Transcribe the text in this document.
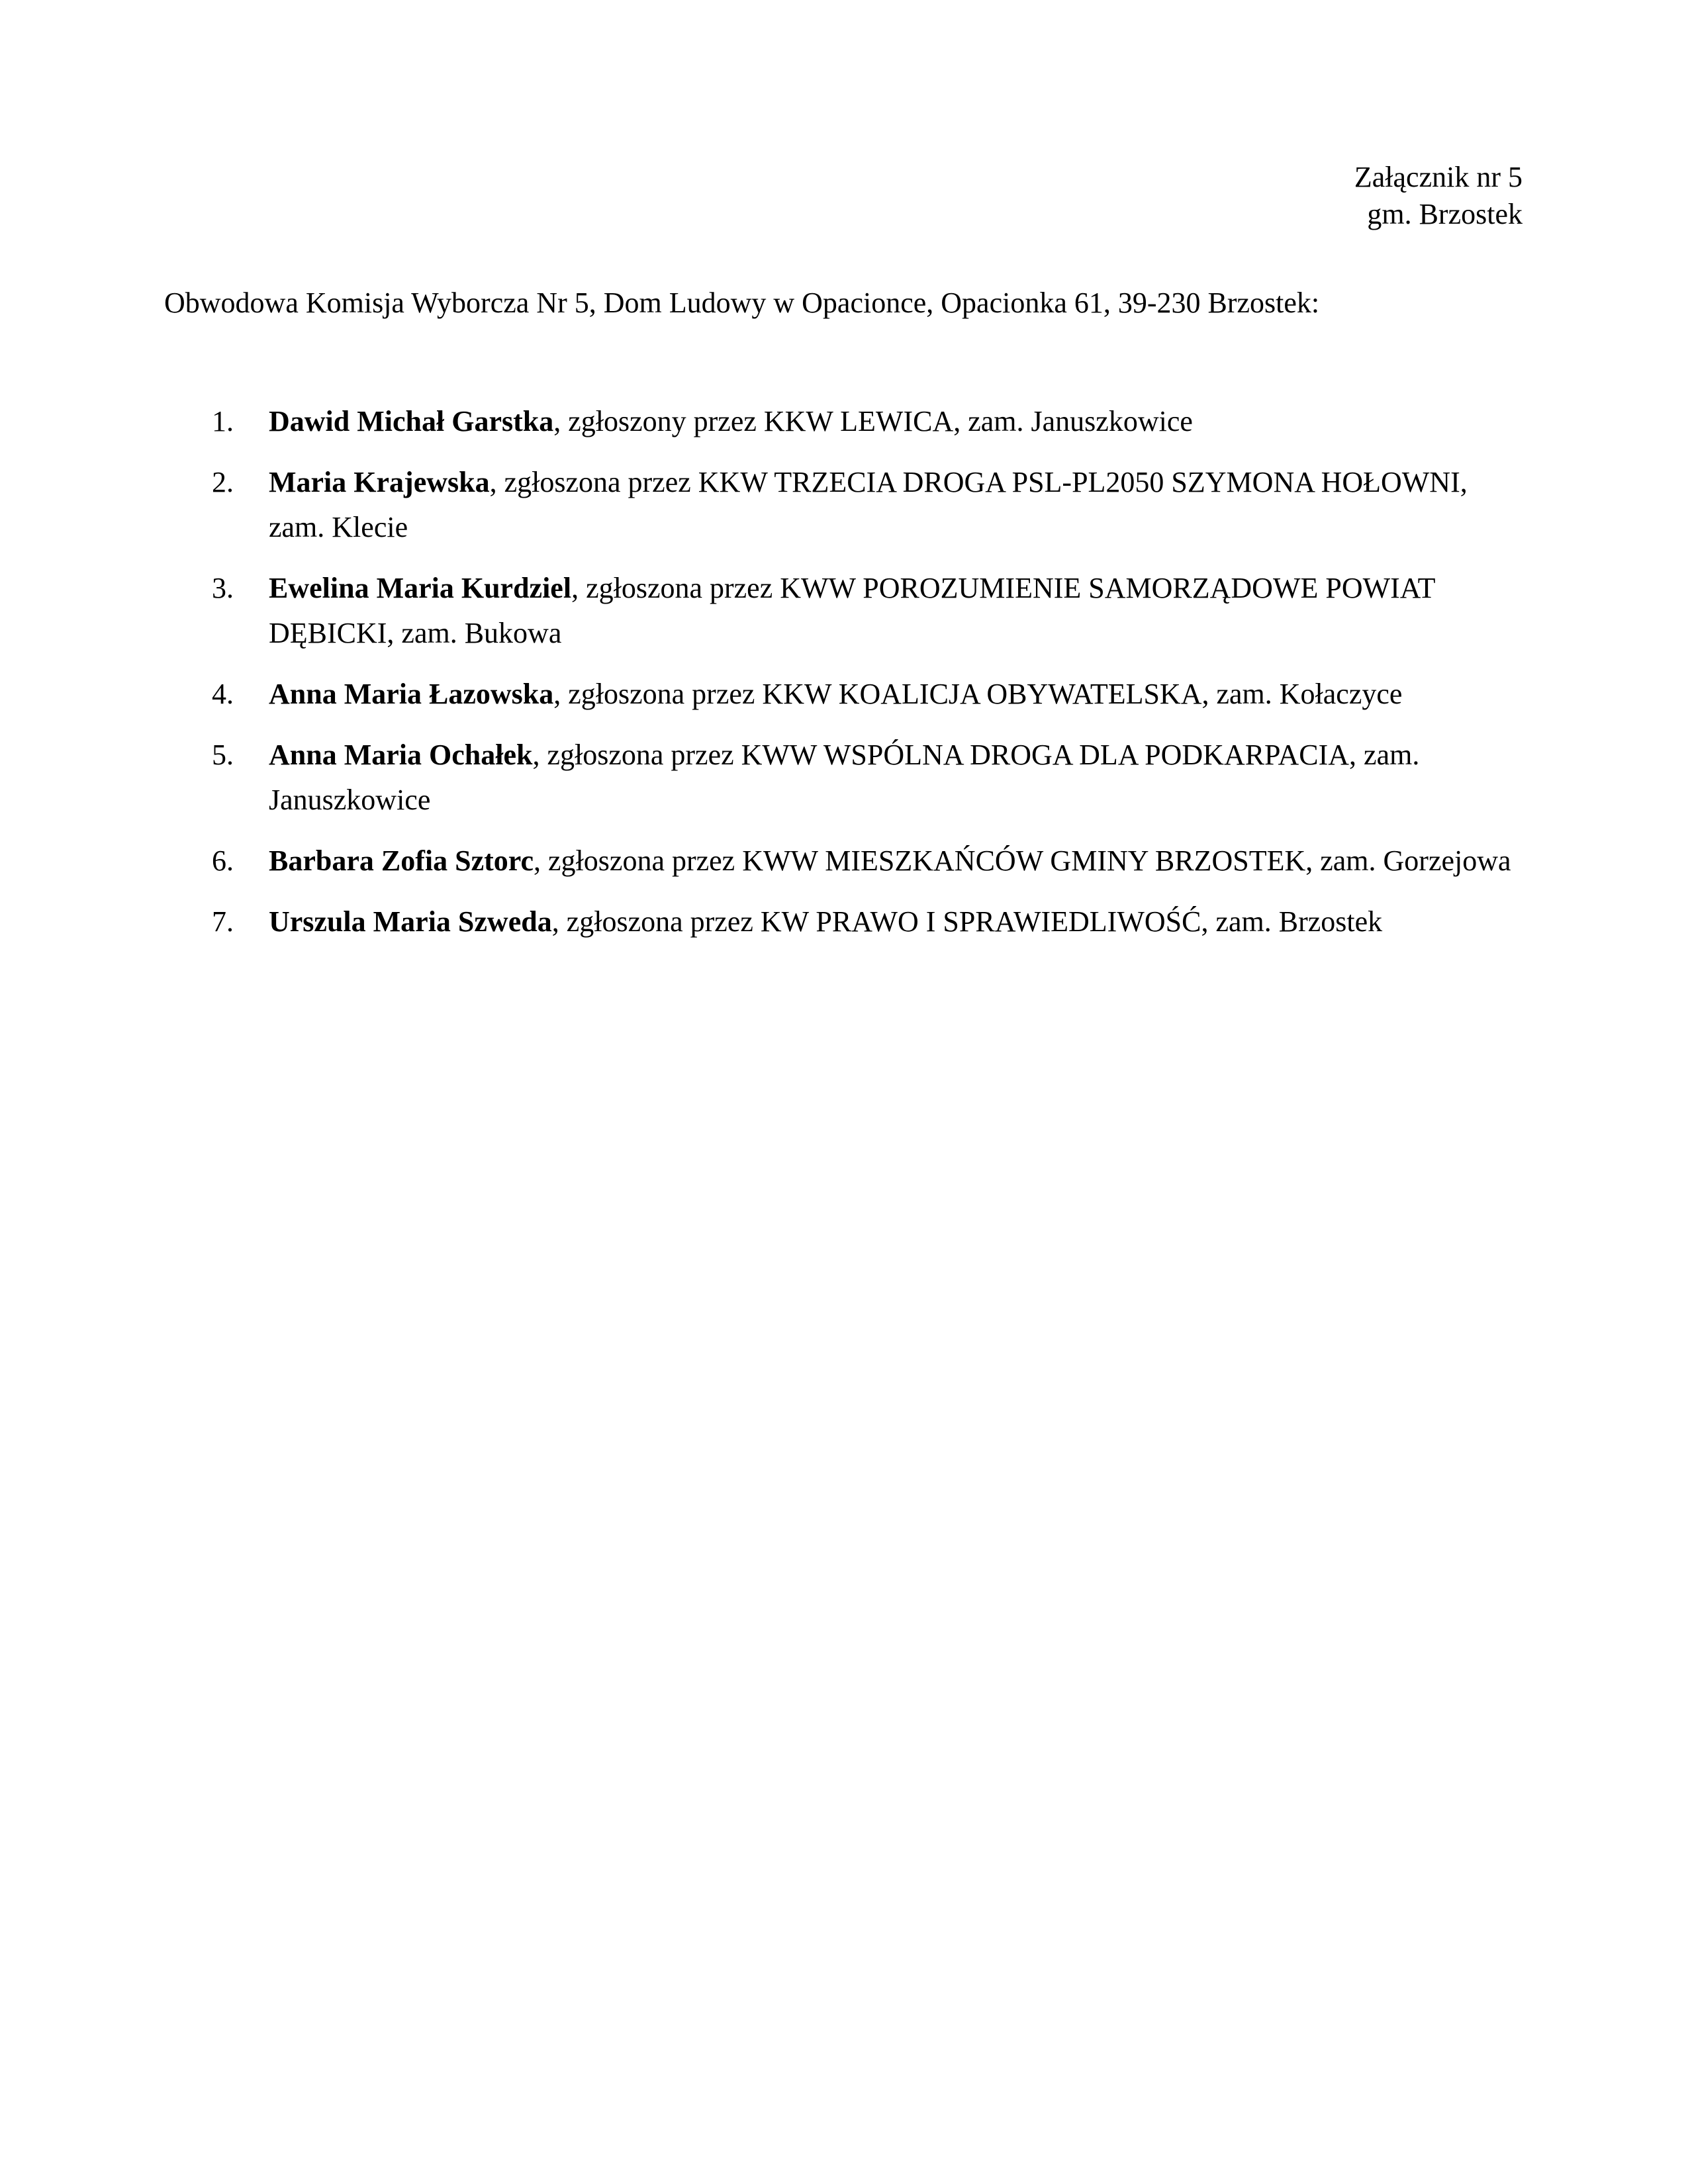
Załącznik nr 5
gm. Brzostek
Obwodowa Komisja Wyborcza Nr 5, Dom Ludowy w Opacionce, Opacionka 61, 39-230 Brzostek:
1.	Dawid Michał Garstka, zgłoszony przez KKW LEWICA, zam. Januszkowice
2.	Maria Krajewska, zgłoszona przez KKW TRZECIA DROGA PSL-PL2050 SZYMONA HOŁOWNI, zam. Klecie
3.	Ewelina Maria Kurdziel, zgłoszona przez KWW POROZUMIENIE SAMORZĄDOWE POWIAT DĘBICKI, zam. Bukowa
4.	Anna Maria Łazowska, zgłoszona przez KKW KOALICJA OBYWATELSKA, zam. Kołaczyce
5.	Anna Maria Ochałek, zgłoszona przez KWW WSPÓLNA DROGA DLA PODKARPACIA, zam. Januszkowice
6.	Barbara Zofia Sztorc, zgłoszona przez KWW MIESZKAŃCÓW GMINY BRZOSTEK, zam. Gorzejowa
7.	Urszula Maria Szweda, zgłoszona przez KW PRAWO I SPRAWIEDLIWOŚĆ, zam. Brzostek
